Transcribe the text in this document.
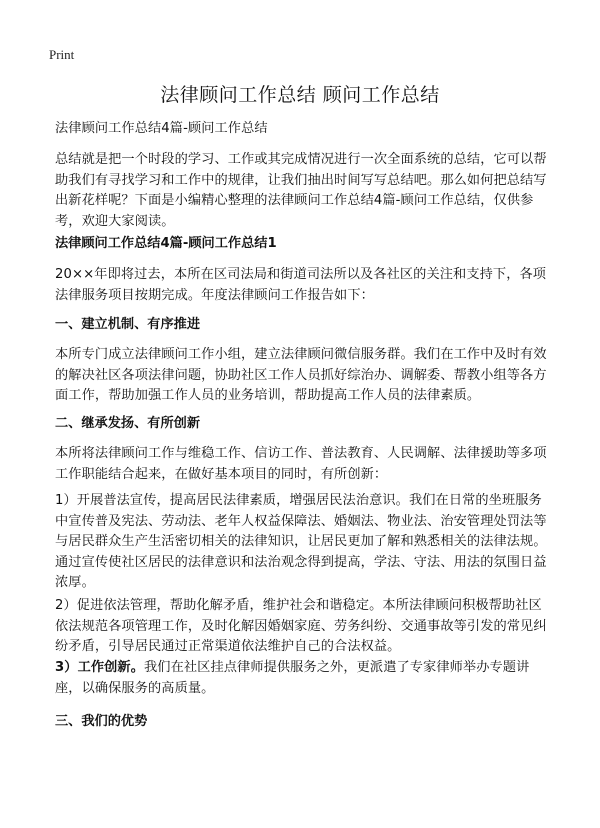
Print
法律顾问工作总结 顾问工作总结
法律顾问工作总结4篇-顾问工作总结
总结就是把一个时段的学习、工作或其完成情况进行一次全面系统的总结，它可以帮助我们有寻找学习和工作中的规律，让我们抽出时间写写总结吧。那么如何把总结写出新花样呢？下面是小编精心整理的法律顾问工作总结4篇-顾问工作总结，仅供参考，欢迎大家阅读。
法律顾问工作总结4篇-顾问工作总结1
20××年即将过去，本所在区司法局和街道司法所以及各社区的关注和支持下，各项法律服务项目按期完成。年度法律顾问工作报告如下：
一、建立机制、有序推进
本所专门成立法律顾问工作小组，建立法律顾问微信服务群。我们在工作中及时有效的解决社区各项法律问题，协助社区工作人员抓好综治办、调解委、帮教小组等各方面工作，帮助加强工作人员的业务培训，帮助提高工作人员的法律素质。
二、继承发扬、有所创新
本所将法律顾问工作与维稳工作、信访工作、普法教育、人民调解、法律援助等多项工作职能结合起来，在做好基本项目的同时，有所创新：
1）开展普法宣传，提高居民法律素质，增强居民法治意识。我们在日常的坐班服务中宣传普及宪法、劳动法、老年人权益保障法、婚姻法、物业法、治安管理处罚法等与居民群众生产生活密切相关的法律知识，让居民更加了解和熟悉相关的法律法规。通过宣传使社区居民的法律意识和法治观念得到提高，学法、守法、用法的氛围日益浓厚。
2）促进依法管理，帮助化解矛盾，维护社会和谐稳定。本所法律顾问积极帮助社区依法规范各项管理工作，及时化解因婚姻家庭、劳务纠纷、交通事故等引发的常见纠纷矛盾，引导居民通过正常渠道依法维护自己的合法权益。
3）工作创新。我们在社区挂点律师提供服务之外，更派遣了专家律师举办专题讲座，以确保服务的高质量。
三、我们的优势
